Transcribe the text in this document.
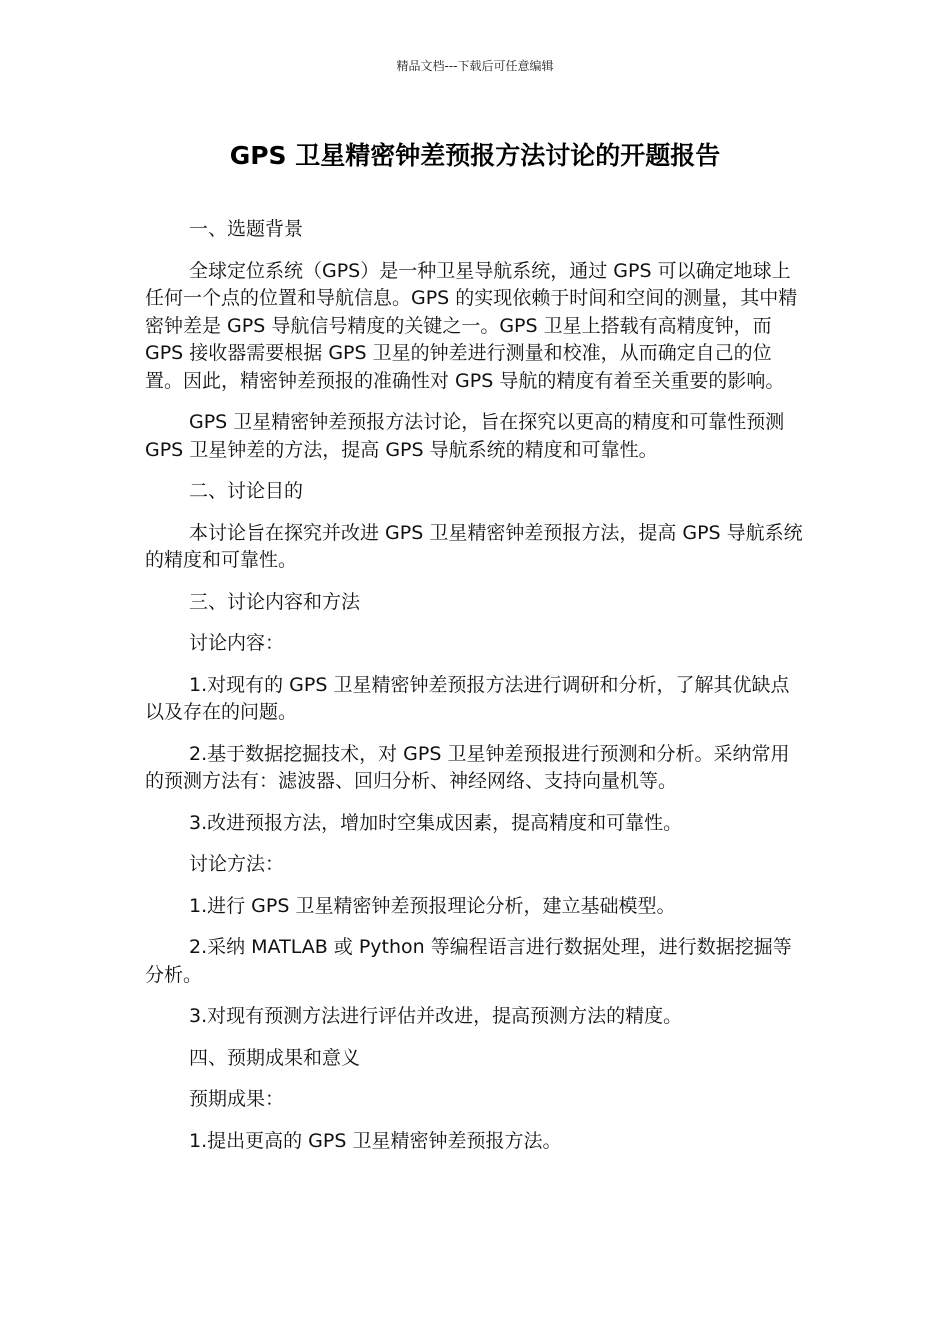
精品文档---下载后可任意编辑
GPS 卫星精密钟差预报方法讨论的开题报告

一、选题背景

全球定位系统（GPS）是一种卫星导航系统，通过 GPS 可以确定地球上任何一个点的位置和导航信息。GPS 的实现依赖于时间和空间的测量，其中精密钟差是 GPS 导航信号精度的关键之一。GPS 卫星上搭载有高精度钟，而 GPS 接收器需要根据 GPS 卫星的钟差进行测量和校准，从而确定自己的位置。因此，精密钟差预报的准确性对 GPS 导航的精度有着至关重要的影响。

GPS 卫星精密钟差预报方法讨论，旨在探究以更高的精度和可靠性预测 GPS 卫星钟差的方法，提高 GPS 导航系统的精度和可靠性。

二、讨论目的

本讨论旨在探究并改进 GPS 卫星精密钟差预报方法，提高 GPS 导航系统的精度和可靠性。

三、讨论内容和方法

讨论内容：

1.对现有的 GPS 卫星精密钟差预报方法进行调研和分析，了解其优缺点以及存在的问题。

2.基于数据挖掘技术，对 GPS 卫星钟差预报进行预测和分析。采纳常用的预测方法有：滤波器、回归分析、神经网络、支持向量机等。

3.改进预报方法，增加时空集成因素，提高精度和可靠性。

讨论方法：

1.进行 GPS 卫星精密钟差预报理论分析，建立基础模型。

2.采纳 MATLAB 或 Python 等编程语言进行数据处理，进行数据挖掘等分析。

3.对现有预测方法进行评估并改进，提高预测方法的精度。

四、预期成果和意义

预期成果：

1.提出更高的 GPS 卫星精密钟差预报方法。
